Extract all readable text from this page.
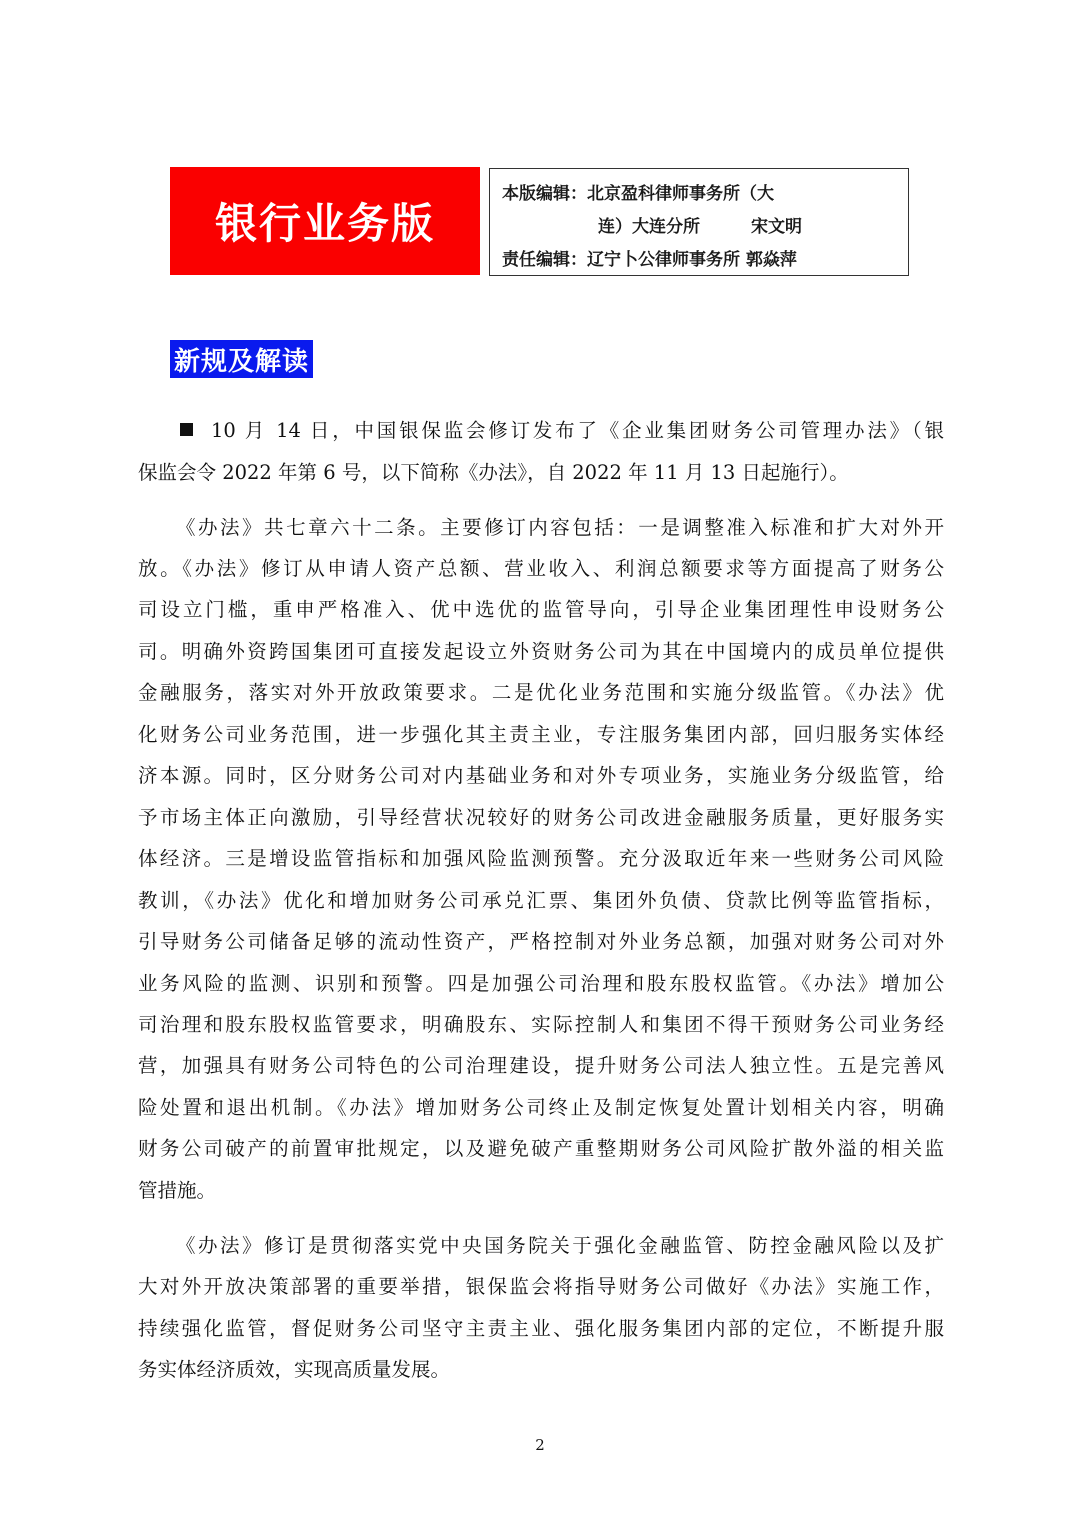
银行业务版
本版编辑：北京盈科律师事务所（大
连）大连分所　　　宋文明
责任编辑：辽宁卜公律师事务所 郭焱萍
新规及解读
10 月 14 日，中国银保监会修订发布了《企业集团财务公司管理办法》（银
保监会令 2022 年第 6 号，以下简称《办法》，自 2022 年 11 月 13 日起施行）。
《办法》共七章六十二条。主要修订内容包括：一是调整准入标准和扩大对外开
放。《办法》修订从申请人资产总额、营业收入、利润总额要求等方面提高了财务公
司设立门槛，重申严格准入、优中选优的监管导向，引导企业集团理性申设财务公
司。明确外资跨国集团可直接发起设立外资财务公司为其在中国境内的成员单位提供
金融服务，落实对外开放政策要求。二是优化业务范围和实施分级监管。《办法》优
化财务公司业务范围，进一步强化其主责主业，专注服务集团内部，回归服务实体经
济本源。同时，区分财务公司对内基础业务和对外专项业务，实施业务分级监管，给
予市场主体正向激励，引导经营状况较好的财务公司改进金融服务质量，更好服务实
体经济。三是增设监管指标和加强风险监测预警。充分汲取近年来一些财务公司风险
教训，《办法》优化和增加财务公司承兑汇票、集团外负债、贷款比例等监管指标，
引导财务公司储备足够的流动性资产，严格控制对外业务总额，加强对财务公司对外
业务风险的监测、识别和预警。四是加强公司治理和股东股权监管。《办法》增加公
司治理和股东股权监管要求，明确股东、实际控制人和集团不得干预财务公司业务经
营，加强具有财务公司特色的公司治理建设，提升财务公司法人独立性。五是完善风
险处置和退出机制。《办法》增加财务公司终止及制定恢复处置计划相关内容，明确
财务公司破产的前置审批规定，以及避免破产重整期财务公司风险扩散外溢的相关监
管措施。
《办法》修订是贯彻落实党中央国务院关于强化金融监管、防控金融风险以及扩
大对外开放决策部署的重要举措，银保监会将指导财务公司做好《办法》实施工作，
持续强化监管，督促财务公司坚守主责主业、强化服务集团内部的定位，不断提升服
务实体经济质效，实现高质量发展。
2
